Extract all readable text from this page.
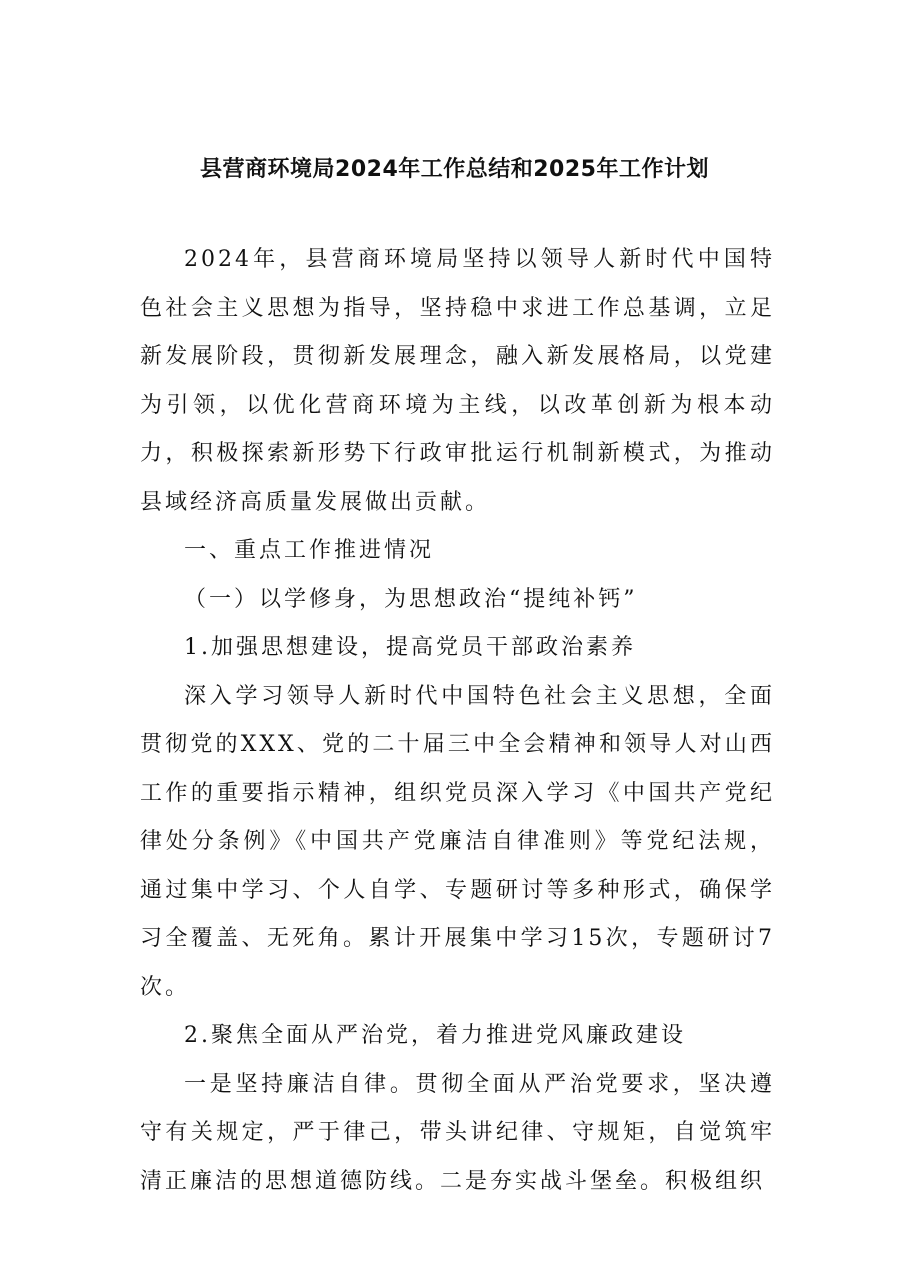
县营商环境局2024年工作总结和2025年工作计划

2024年，县营商环境局坚持以领导人新时代中国特色社会主义思想为指导，坚持稳中求进工作总基调，立足新发展阶段，贯彻新发展理念，融入新发展格局，以党建为引领，以优化营商环境为主线，以改革创新为根本动力，积极探索新形势下行政审批运行机制新模式，为推动县域经济高质量发展做出贡献。

一、重点工作推进情况

（一）以学修身，为思想政治“提纯补钙”

1.加强思想建设，提高党员干部政治素养

深入学习领导人新时代中国特色社会主义思想，全面贯彻党的XXX、党的二十届三中全会精神和领导人对山西工作的重要指示精神，组织党员深入学习《中国共产党纪律处分条例》《中国共产党廉洁自律准则》等党纪法规，通过集中学习、个人自学、专题研讨等多种形式，确保学习全覆盖、无死角。累计开展集中学习15次，专题研讨7次。

2.聚焦全面从严治党，着力推进党风廉政建设

一是坚持廉洁自律。贯彻全面从严治党要求，坚决遵守有关规定，严于律己，带头讲纪律、守规矩，自觉筑牢清正廉洁的思想道德防线。二是夯实战斗堡垒。积极组织
